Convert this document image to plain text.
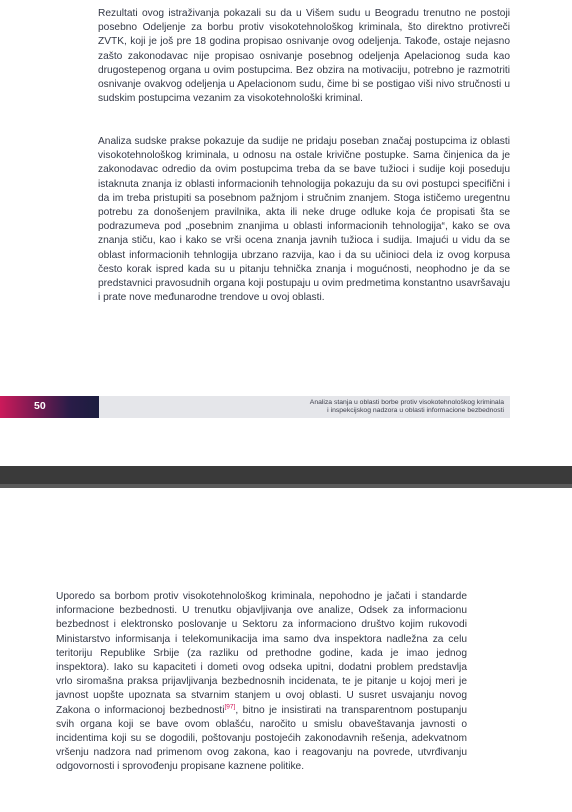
Rezultati ovog istraživanja pokazali su da u Višem sudu u Beogradu trenutno ne postoji posebno Odeljenje za borbu protiv visokotehnološkog kriminala, što direktno protivreči ZVTK, koji je još pre 18 godina propisao osnivanje ovog odeljenja. Takođe, ostaje nejasno zašto zakonodavac nije propisao osnivanje posebnog odeljenja Apelacionog suda kao drugostepenog organa u ovim postupcima. Bez obzira na motivaciju, potrebno je razmotriti osnivanje ovakvog odeljenja u Apelacionom sudu, čime bi se postigao viši nivo stručnosti u sudskim postupcima vezanim za visokotehnološki kriminal.

Analiza sudske prakse pokazuje da sudije ne pridaju poseban značaj postupcima iz oblasti visokotehnološkog kriminala, u odnosu na ostale krivične postupke. Sama činjenica da je zakonodavac odredio da ovim postupcima treba da se bave tužioci i sudije koji poseduju istaknuta znanja iz oblasti informacionih tehnologija pokazuju da su ovi postupci specifični i da im treba pristupiti sa posebnom pažnjom i stručnim znanjem. Stoga ističemo uregentnu potrebu za donošenjem pravilnika, akta ili neke druge odluke koja će propisati šta se podrazumeva pod „posebnim znanjima u oblasti informacionih tehnologija“, kako se ova znanja stiču, kao i kako se vrši ocena znanja javnih tužioca i sudija. Imajući u vidu da se oblast informacionih tehnlogija ubrzano razvija, kao i da su učinioci dela iz ovog korpusa često korak ispred kada su u pitanju tehnička znanja i mogućnosti, neophodno je da se predstavnici pravosudnih organa koji postupaju u ovim predmetima konstantno usavršavaju i prate nove međunarodne trendove u ovoj oblasti.

50	Analiza stanja u oblasti borbe protiv visokotehnološkog kriminala
i inspekcijskog nadzora u oblasti informacione bezbednosti

Uporedo sa borbom protiv visokotehnološkog kriminala, nepohodno je jačati i standarde informacione bezbednosti. U trenutku objavljivanja ove analize, Odsek za informacionu bezbednost i elektronsko poslovanje u Sektoru za informaciono društvo kojim rukovodi Ministarstvo informisanja i telekomunikacija ima samo dva inspektora nadležna za celu teritoriju Republike Srbije (za razliku od prethodne godine, kada je imao jednog inspektora). Iako su kapaciteti i dometi ovog odseka upitni, dodatni problem predstavlja vrlo siromašna praksa prijavljivanja bezbednosnih incidenata, te je pitanje u kojoj meri je javnost uopšte upoznata sa stvarnim stanjem u ovoj oblasti. U susret usvajanju novog Zakona o informacionoj bezbednosti[97], bitno je insistirati na transparentnom postupanju svih organa koji se bave ovom oblašću, naročito u smislu obaveštavanja javnosti o incidentima koji su se dogodili, poštovanju postojećih zakonodavnih rešenja, adekvatnom vršenju nadzora nad primenom ovog zakona, kao i reagovanju na povrede, utvrđivanju odgovornosti i sprovođenju propisane kaznene politike.
